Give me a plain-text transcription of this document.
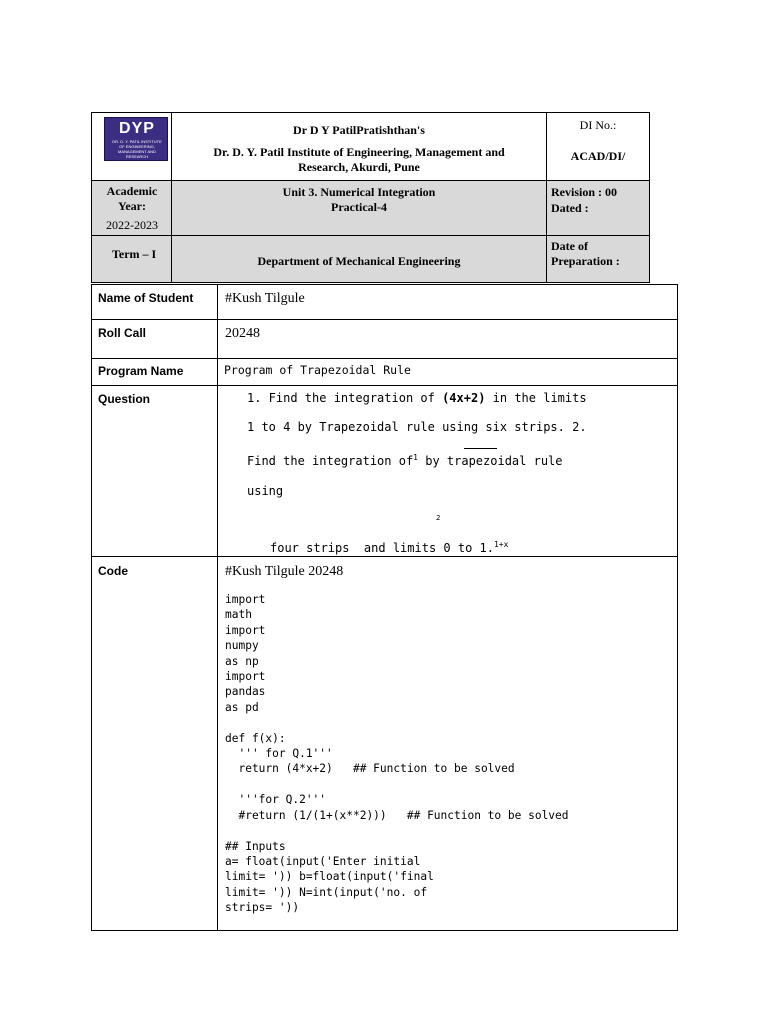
DYP
DR. D. Y. PATIL INSTITUTE OF ENGINEERING, MANAGEMENT AND RESEARCH
Dr D Y PatilPratishthan's
Dr. D. Y. Patil Institute of Engineering, Management and Research, Akurdi, Pune
DI No.:
ACAD/DI/
Academic Year:
2022-2023
Unit 3. Numerical Integration
Practical-4
Revision : 00
Dated :
Term – I	Department of Mechanical Engineering
Date of Preparation :
Name of Student
Roll Call
Program Name
Question
Code
#Kush Tilgule
20248
Program of Trapezoidal Rule
1. Find the integration of (4x+2) in the limits
1 to 4 by Trapezoidal rule using six strips. 2.
Find the integration $of^1$ by trapezoidal rule
using
2
four strips  and limits 0 to 1.$^{1+x}$
#Kush Tilgule 20248
import
math
import
numpy
as np
import
pandas
as pd

def f(x):
''' for Q.1'''
return (4*x+2)   ## Function to be solved

'''for Q.2'''
#return (1/(1+(x**2)))   ## Function to be solved

## Inputs
a= float(input('Enter initial
limit= ')) b=float(input('final
limit= ')) N=int(input('no. of
strips= '))
